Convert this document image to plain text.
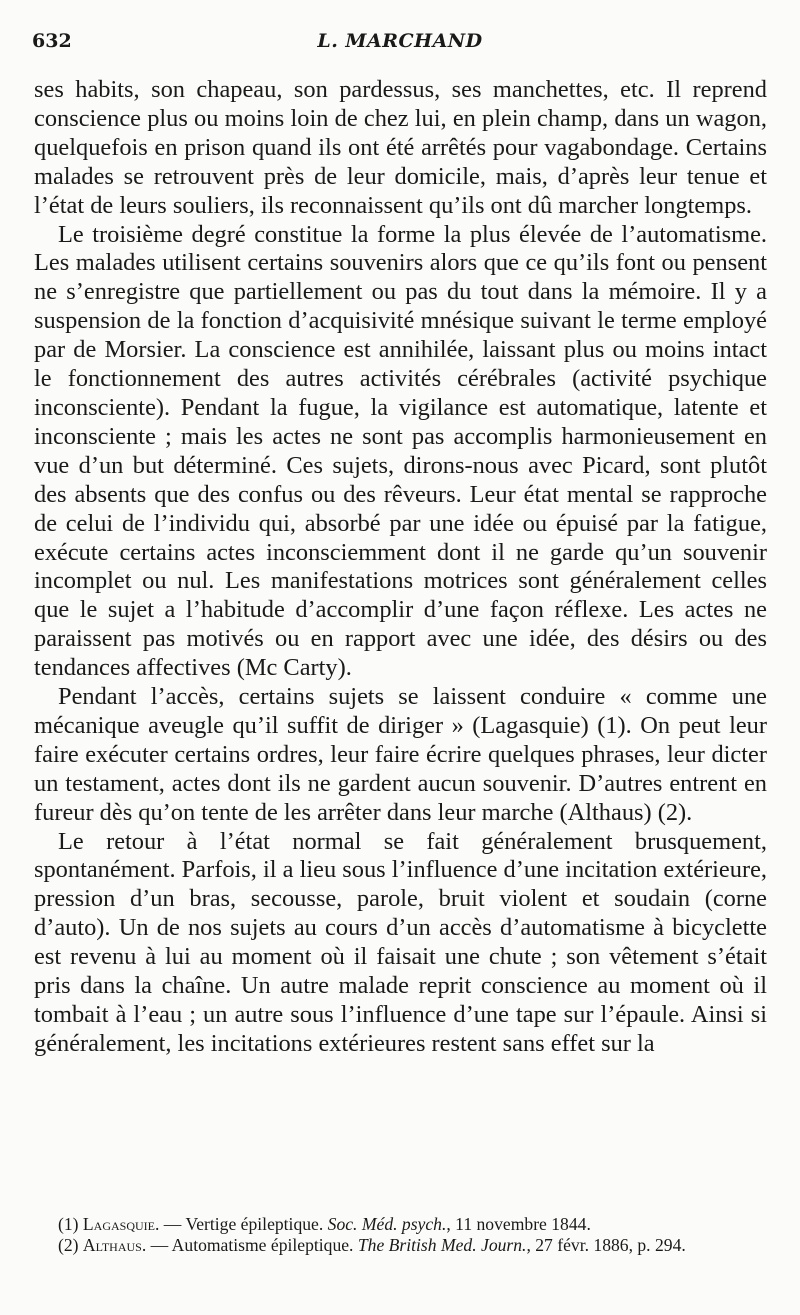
632	L. MARCHAND

ses habits, son chapeau, son pardessus, ses manchettes, etc. Il reprend conscience plus ou moins loin de chez lui, en plein champ, dans un wagon, quelquefois en prison quand ils ont été arrêtés pour vagabondage. Certains malades se retrouvent près de leur domicile, mais, d’après leur tenue et l’état de leurs souliers, ils reconnaissent qu’ils ont dû marcher longtemps.

Le troisième degré constitue la forme la plus élevée de l’automatisme. Les malades utilisent certains souvenirs alors que ce qu’ils font ou pensent ne s’enregistre que partiellement ou pas du tout dans la mémoire. Il y a suspension de la fonction d’acquisivité mnésique suivant le terme employé par de Morsier. La conscience est annihilée, laissant plus ou moins intact le fonctionnement des autres activités cérébrales (activité psychique inconsciente). Pendant la fugue, la vigilance est automatique, latente et inconsciente ; mais les actes ne sont pas accomplis harmonieusement en vue d’un but déterminé. Ces sujets, dirons-nous avec Picard, sont plutôt des absents que des confus ou des rêveurs. Leur état mental se rapproche de celui de l’individu qui, absorbé par une idée ou épuisé par la fatigue, exécute certains actes inconsciemment dont il ne garde qu’un souvenir incomplet ou nul. Les manifestations motrices sont généralement celles que le sujet a l’habitude d’accomplir d’une façon réflexe. Les actes ne paraissent pas motivés ou en rapport avec une idée, des désirs ou des tendances affectives (Mc Carty).

Pendant l’accès, certains sujets se laissent conduire « comme une mécanique aveugle qu’il suffit de diriger » (Lagasquie) (1). On peut leur faire exécuter certains ordres, leur faire écrire quelques phrases, leur dicter un testament, actes dont ils ne gardent aucun souvenir. D’autres entrent en fureur dès qu’on tente de les arrêter dans leur marche (Althaus) (2).

Le retour à l’état normal se fait généralement brusquement, spontanément. Parfois, il a lieu sous l’influence d’une incitation extérieure, pression d’un bras, secousse, parole, bruit violent et soudain (corne d’auto). Un de nos sujets au cours d’un accès d’automatisme à bicyclette est revenu à lui au moment où il faisait une chute ; son vêtement s’était pris dans la chaîne. Un autre malade reprit conscience au moment où il tombait à l’eau ; un autre sous l’influence d’une tape sur l’épaule. Ainsi si généralement, les incitations extérieures restent sans effet sur la

(1) Lagasquie. — Vertige épileptique. Soc. Méd. psych., 11 novembre 1844.

(2) Althaus. — Automatisme épileptique. The British Med. Journ., 27 févr. 1886, p. 294.
